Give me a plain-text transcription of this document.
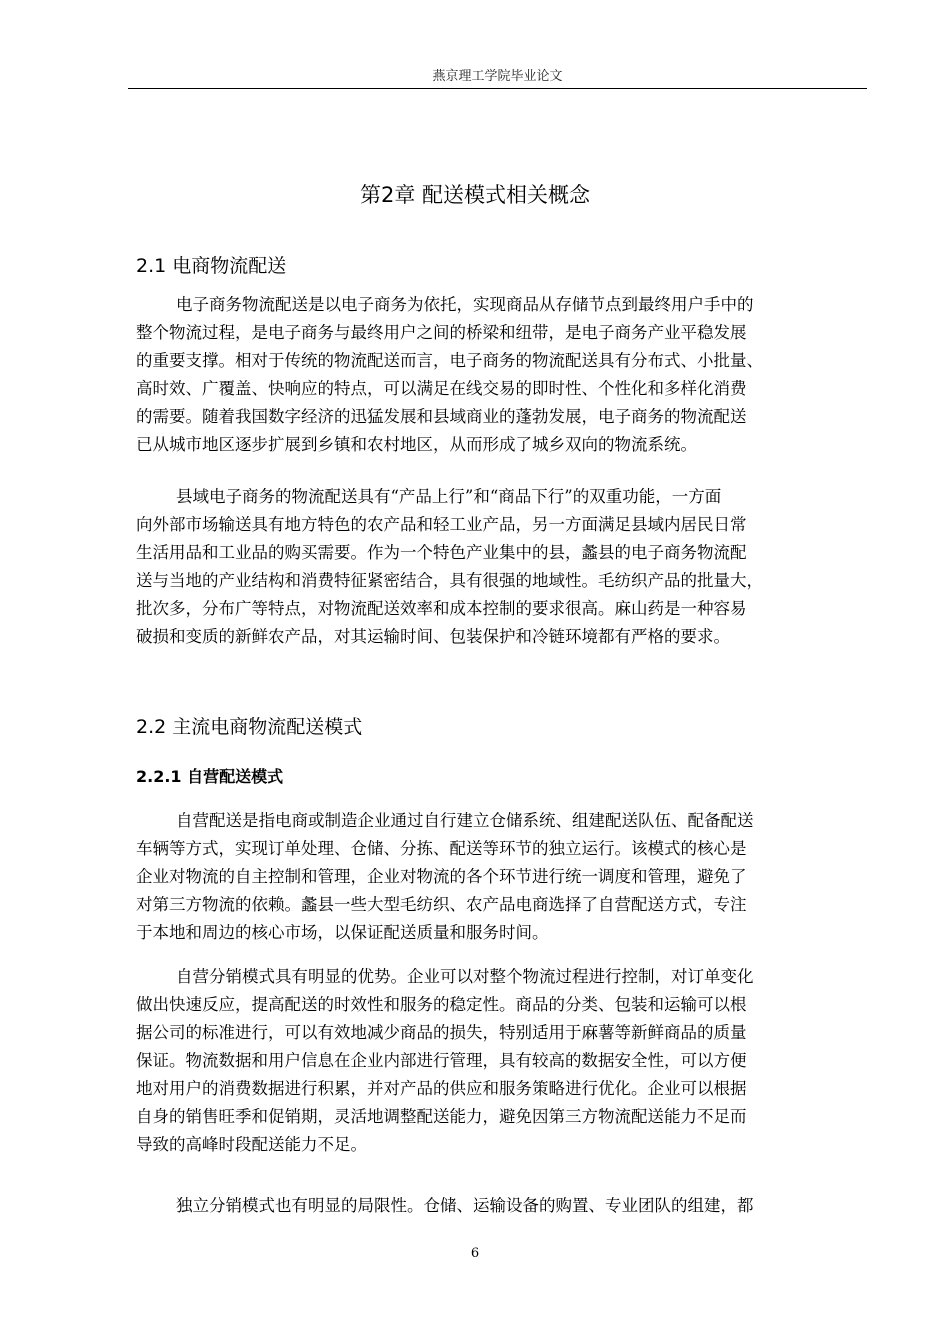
燕京理工学院毕业论文
第2章 配送模式相关概念
2.1 电商物流配送
电子商务物流配送是以电子商务为依托，实现商品从存储节点到最终用户手中的
整个物流过程，是电子商务与最终用户之间的桥梁和纽带，是电子商务产业平稳发展
的重要支撑。相对于传统的物流配送而言，电子商务的物流配送具有分布式、小批量、
高时效、广覆盖、快响应的特点，可以满足在线交易的即时性、个性化和多样化消费
的需要。随着我国数字经济的迅猛发展和县域商业的蓬勃发展，电子商务的物流配送
已从城市地区逐步扩展到乡镇和农村地区，从而形成了城乡双向的物流系统。
县域电子商务的物流配送具有“产品上行”和“商品下行”的双重功能，一方面
向外部市场输送具有地方特色的农产品和轻工业产品，另一方面满足县域内居民日常
生活用品和工业品的购买需要。作为一个特色产业集中的县，蠡县的电子商务物流配
送与当地的产业结构和消费特征紧密结合，具有很强的地域性。毛纺织产品的批量大，
批次多，分布广等特点，对物流配送效率和成本控制的要求很高。麻山药是一种容易
破损和变质的新鲜农产品，对其运输时间、包装保护和冷链环境都有严格的要求。
2.2 主流电商物流配送模式
2.2.1 自营配送模式
自营配送是指电商或制造企业通过自行建立仓储系统、组建配送队伍、配备配送
车辆等方式，实现订单处理、仓储、分拣、配送等环节的独立运行。该模式的核心是
企业对物流的自主控制和管理，企业对物流的各个环节进行统一调度和管理，避免了
对第三方物流的依赖。蠡县一些大型毛纺织、农产品电商选择了自营配送方式，专注
于本地和周边的核心市场，以保证配送质量和服务时间。
自营分销模式具有明显的优势。企业可以对整个物流过程进行控制，对订单变化
做出快速反应，提高配送的时效性和服务的稳定性。商品的分类、包装和运输可以根
据公司的标准进行，可以有效地减少商品的损失，特别适用于麻薯等新鲜商品的质量
保证。物流数据和用户信息在企业内部进行管理，具有较高的数据安全性，可以方便
地对用户的消费数据进行积累，并对产品的供应和服务策略进行优化。企业可以根据
自身的销售旺季和促销期，灵活地调整配送能力，避免因第三方物流配送能力不足而
导致的高峰时段配送能力不足。
独立分销模式也有明显的局限性。仓储、运输设备的购置、专业团队的组建，都
6
